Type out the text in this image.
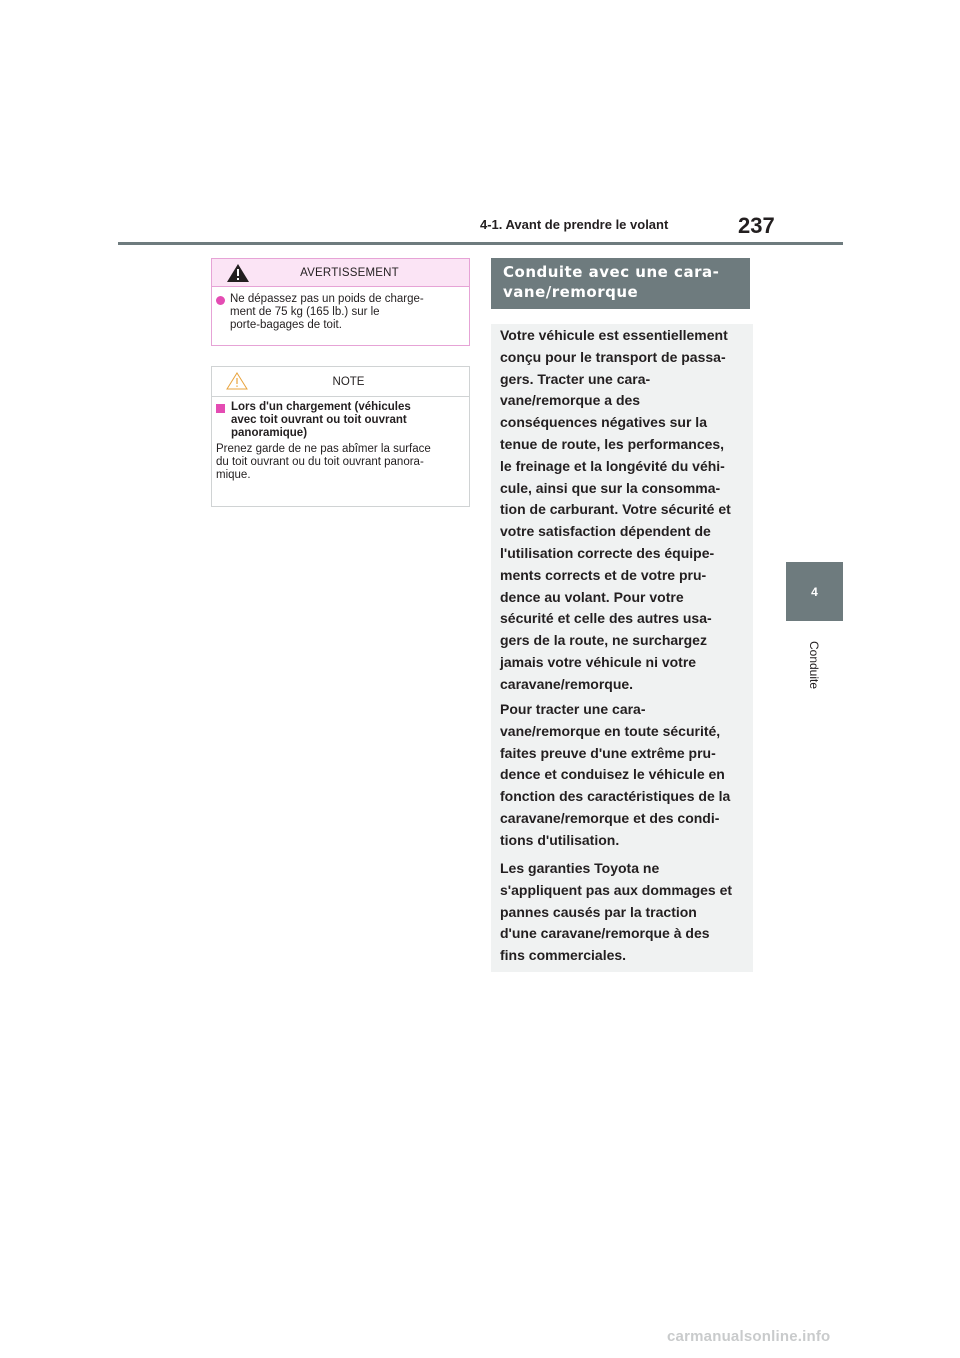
4-1. Avant de prendre le volant	237
4
Conduite
AVERTISSEMENT
Ne dépassez pas un poids de charge-
ment de 75 kg (165 lb.) sur le
porte-bagages de toit.
NOTE
Lors d'un chargement (véhicules
avec toit ouvrant ou toit ouvrant
panoramique)
Prenez garde de ne pas abîmer la surface
du toit ouvrant ou du toit ouvrant panora-
mique.
Conduite avec une cara-
vane/remorque

Votre véhicule est essentiellement
conçu pour le transport de passa-
gers. Tracter une cara-
vane/remorque a des
conséquences négatives sur la
tenue de route, les performances,
le freinage et la longévité du véhi-
cule, ainsi que sur la consomma-
tion de carburant. Votre sécurité et
votre satisfaction dépendent de
l'utilisation correcte des équipe-
ments corrects et de votre pru-
dence au volant. Pour votre
sécurité et celle des autres usa-
gers de la route, ne surchargez
jamais votre véhicule ni votre
caravane/remorque.

Pour tracter une cara-
vane/remorque en toute sécurité,
faites preuve d'une extrême pru-
dence et conduisez le véhicule en
fonction des caractéristiques de la
caravane/remorque et des condi-
tions d'utilisation.

Les garanties Toyota ne
s'appliquent pas aux dommages et
pannes causés par la traction
d'une caravane/remorque à des
fins commerciales.

carmanualsonline.info
